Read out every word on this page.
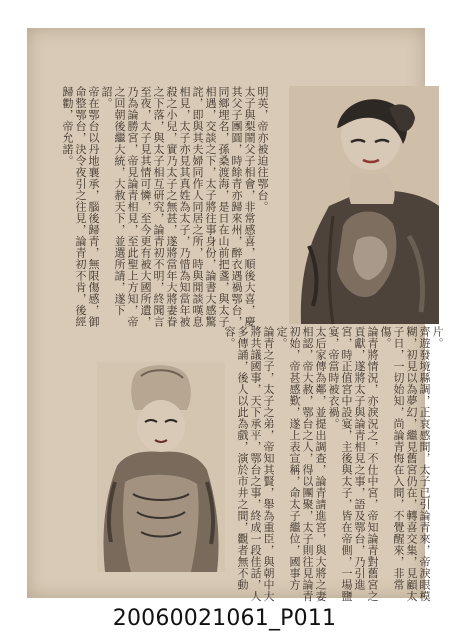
明英，帝亦被迫往鄂台。

太子與梨鬧父子相會，非常感喜，順後大喜，慶其父子團圓，時餘青亦歸來州，醉衣遇禍鄂台，同鄉埋名，孫桑渡海，是日在山前把盞，與太子相遇，交談之下，太子將往事身份，論書大感驚詫，即與其夫婦同作人同居之所，時與閒談嘆息相見，太子亦見其真姓為太子，乃惜為知當年被殺之小兒，實乃太子之無甚，遂將當年大將妻眷之下落，與太子相互研究，論青初不明，終聞言至夜，太子見其情可憐，至今更有被大國所遺，乃為論勝宮，帝見論青相見，至此聖上方知，帝之回朝後繼大統，大赦天下，並選所請，遂下詔。

帝在鄂台以丹地襄承，腦後歸青，無限傷感，御命整鄂台，決令夜引之往見，論青初不肯，後經歸勸，帝允諾。

片。

齊遊發境縣調，正哀感間，太子已引論青來，帝淚眼模糊，初見以為夢幻，繼見舊宮仍在，轉喜交集，見顧太子日，一切始知，尚論青悔在入間，不覺醒來，非常傷。

論青將情況，亦淚況之，不仕中宮，帝知論青對舊宮之貢獻，遂將太子與論青相見之事，語及鄂台，乃引進宮，時正值宮中設宴，主後與太子，皆在帝側，一場鹽宴，帝當時被衣禍。

太后家傳為鄰，並提出調查，論青請進宮，與大將之妻相認，帝大赦，鄂台之人，得以團聚，太子則往見論青初始，帝甚感歎，遂上表宣稱，命太子繼位，國事方定。

論青之子，太子之弟，帝知其賢，舉為重臣，與朝中大將共議國事，天下承平，鄂台之事，終成一段佳話，人多傳誦，後人以此為戲，演於市井之間，觀者無不動容。

20060021061_P011
